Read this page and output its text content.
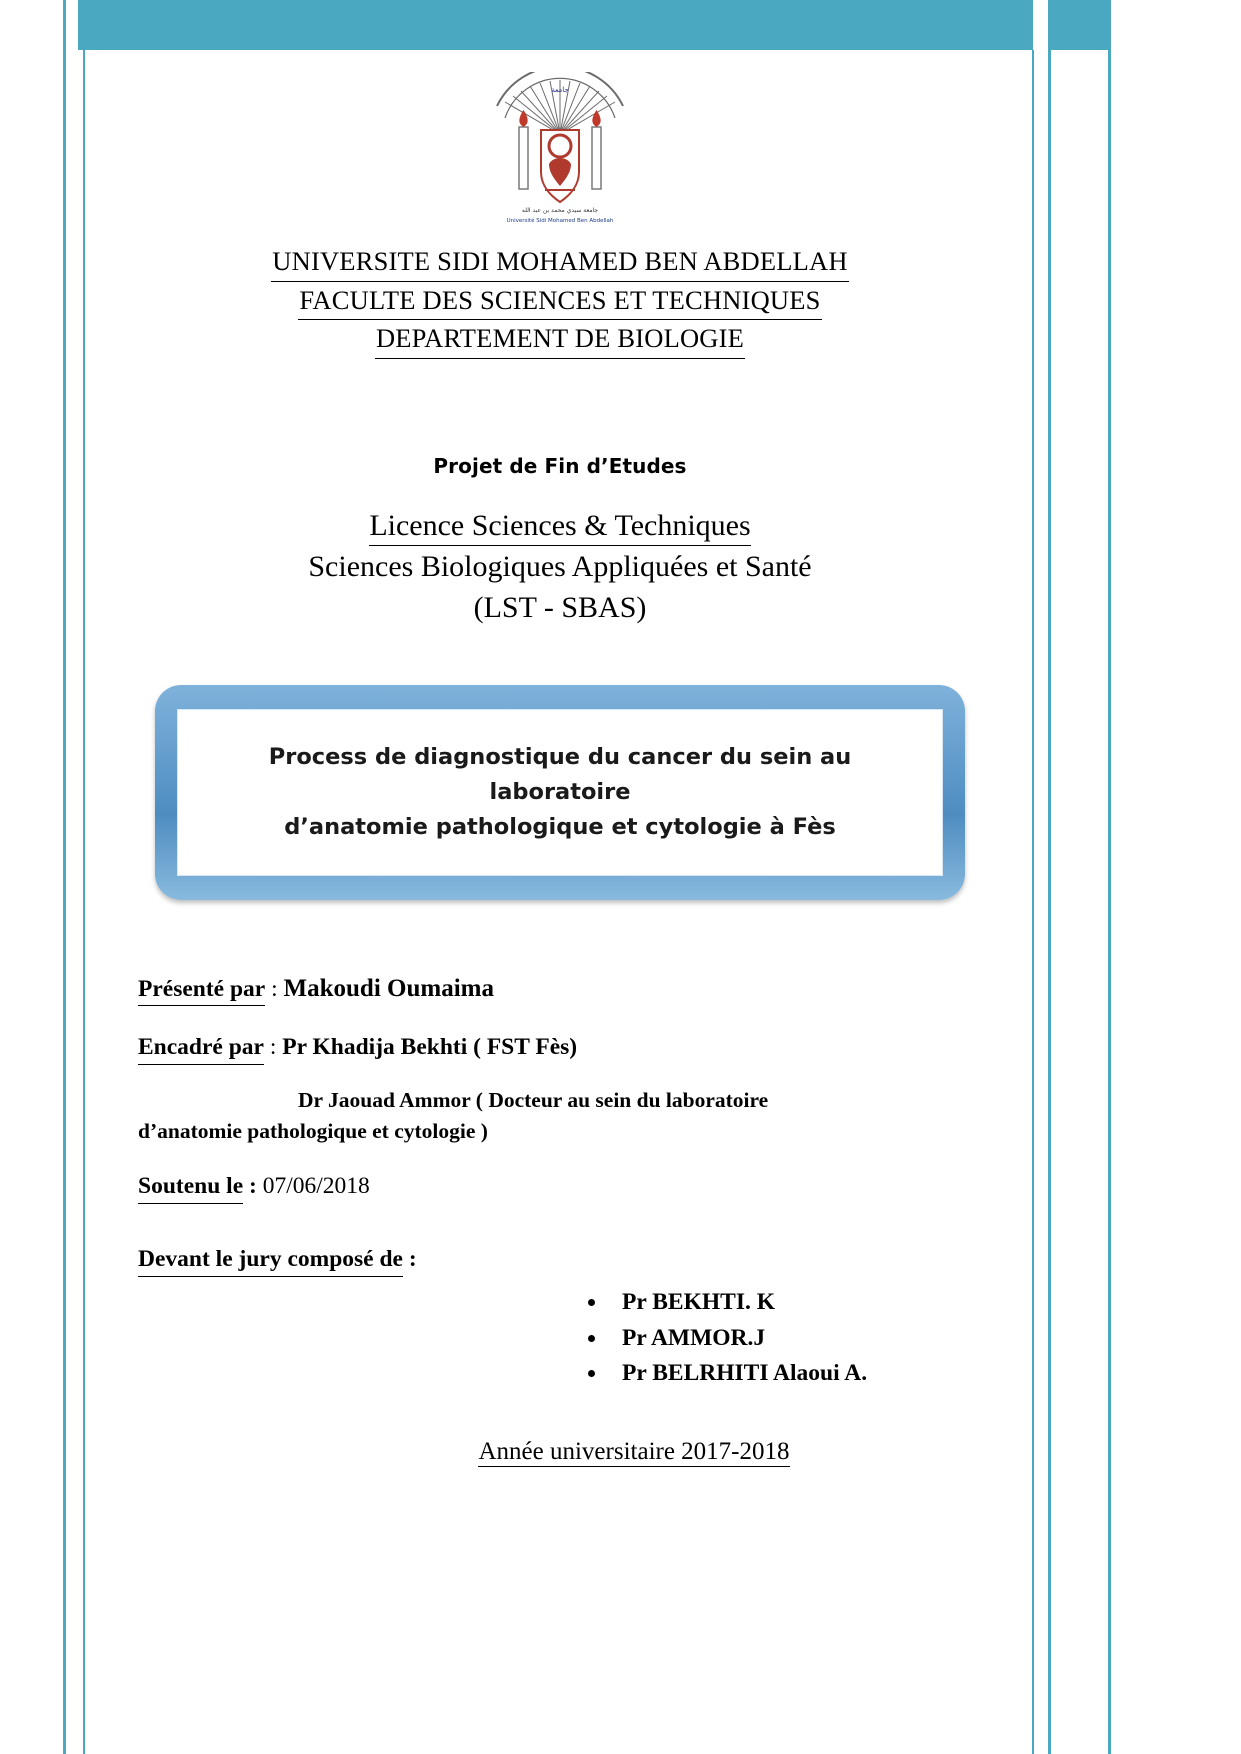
جامعة
جامعة سيدي محمد بن عبد الله
Université Sidi Mohamed Ben Abdellah
UNIVERSITE SIDI MOHAMED BEN ABDELLAH
FACULTE DES SCIENCES ET TECHNIQUES
DEPARTEMENT DE BIOLOGIE
Projet de Fin d’Etudes
Licence Sciences & Techniques
Sciences Biologiques Appliquées et Santé
(LST - SBAS)
Process de diagnostique du cancer du sein au laboratoire
d’anatomie pathologique et cytologie à Fès
Présenté par : Makoudi Oumaima
Encadré par : Pr Khadija Bekhti ( FST Fès)
Dr Jaouad Ammor ( Docteur au sein du laboratoire
d’anatomie pathologique et cytologie )
Soutenu le : 07/06/2018
Devant le jury composé de :
• Pr BEKHTI. K
• Pr AMMOR.J
• Pr BELRHITI Alaoui A.
Année universitaire 2017-2018
